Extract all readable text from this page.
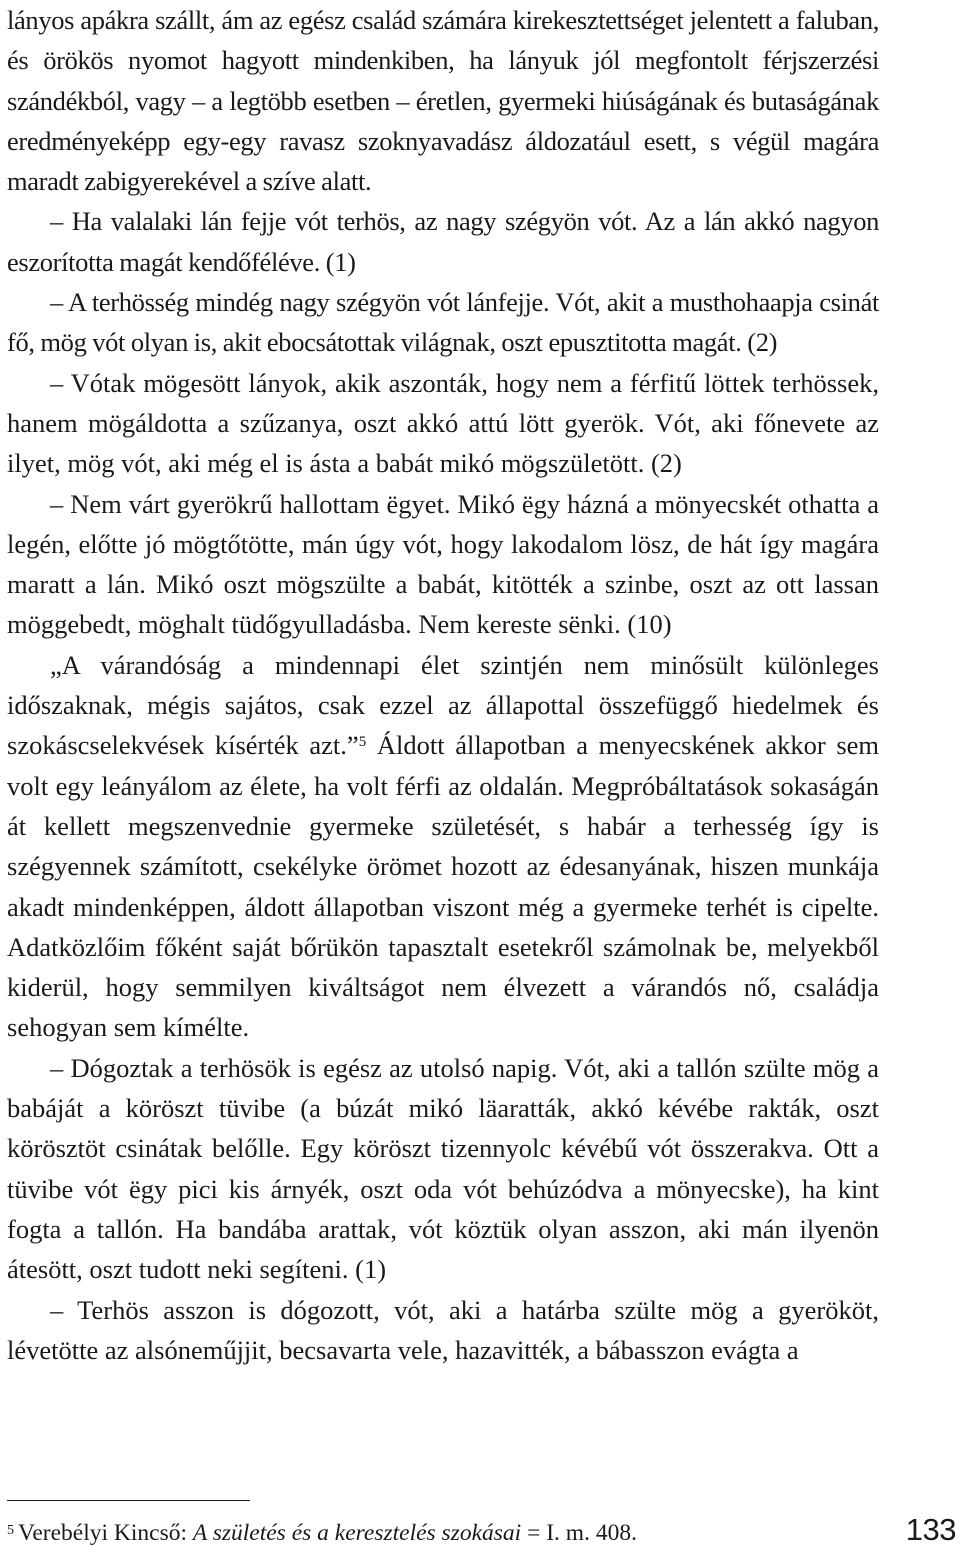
lányos apákra szállt, ám az egész család számára kirekesztettséget jelentett a faluban, és örökös nyomot hagyott mindenkiben, ha lányuk jól megfontolt férjszerzési szándékból, vagy – a legtöbb esetben – éretlen, gyermeki hiúságának és butaságának eredményeképp egy-egy ravasz szoknyavadász áldozatául esett, s végül magára maradt zabigyerekével a szíve alatt.

– Ha valalaki lán fejje vót terhös, az nagy szégyön vót. Az a lán akkó nagyon eszorította magát kendőféléve. (1)

– A terhösség mindég nagy szégyön vót lánfejje. Vót, akit a musthohaapja csinát fő, mög vót olyan is, akit ebocsátottak világnak, oszt epusztitotta magát. (2)

– Vótak mögesött lányok, akik aszonták, hogy nem a férfitű löttek terhössek, hanem mögáldotta a szűzanya, oszt akkó attú lött gyerök. Vót, aki főnevete az ilyet, mög vót, aki még el is ásta a babát mikó mögszületött. (2)

– Nem várt gyerökrű hallottam ëgyet. Mikó ëgy házná a mönyecskét othatta a legén, előtte jó mögtőtötte, mán úgy vót, hogy lakodalom lösz, de hát így magára maratt a lán. Mikó oszt mögszülte a babát, kitötték a szinbe, oszt az ott lassan möggebedt, möghalt tüdőgyulladásba. Nem kereste sënki. (10)

„A várandóság a mindennapi élet szintjén nem minősült különleges időszaknak, mégis sajátos, csak ezzel az állapottal összefüggő hiedelmek és szokáscselekvések kísérték azt.”$^5$ Áldott állapotban a menyecskének akkor sem volt egy leányálom az élete, ha volt férfi az oldalán. Megpróbáltatások sokaságán át kellett megszenvednie gyermeke születését, s habár a terhesség így is szégyennek számított, csekélyke örömet hozott az édesanyának, hiszen munkája akadt mindenképpen, áldott állapotban viszont még a gyermeke terhét is cipelte. Adatközlőim főként saját bőrükön tapasztalt esetekről számolnak be, melyekből kiderül, hogy semmilyen kiváltságot nem élvezett a várandós nő, családja sehogyan sem kímélte.

– Dógoztak a terhösök is egész az utolsó napig. Vót, aki a tallón szülte mög a babáját a köröszt tüvibe (a búzát mikó läaratták, akkó kévébe rakták, oszt körösztöt csinátak belőlle. Egy köröszt tizennyolc kévébű vót összerakva. Ott a tüvibe vót ëgy pici kis árnyék, oszt oda vót behúzódva a mönyecske), ha kint fogta a tallón. Ha bandába arattak, vót köztük olyan asszon, aki mán ilyenön átesött, oszt tudott neki segíteni. (1)

– Terhös asszon is dógozott, vót, aki a határba szülte mög a gyerököt, lévetötte az alsóneműjjit, becsavarta vele, hazavitték, a bábasszon evágta a

$^5$ Verebélyi Kincső: A születés és a keresztelés szokásai = I. m. 408.	133
